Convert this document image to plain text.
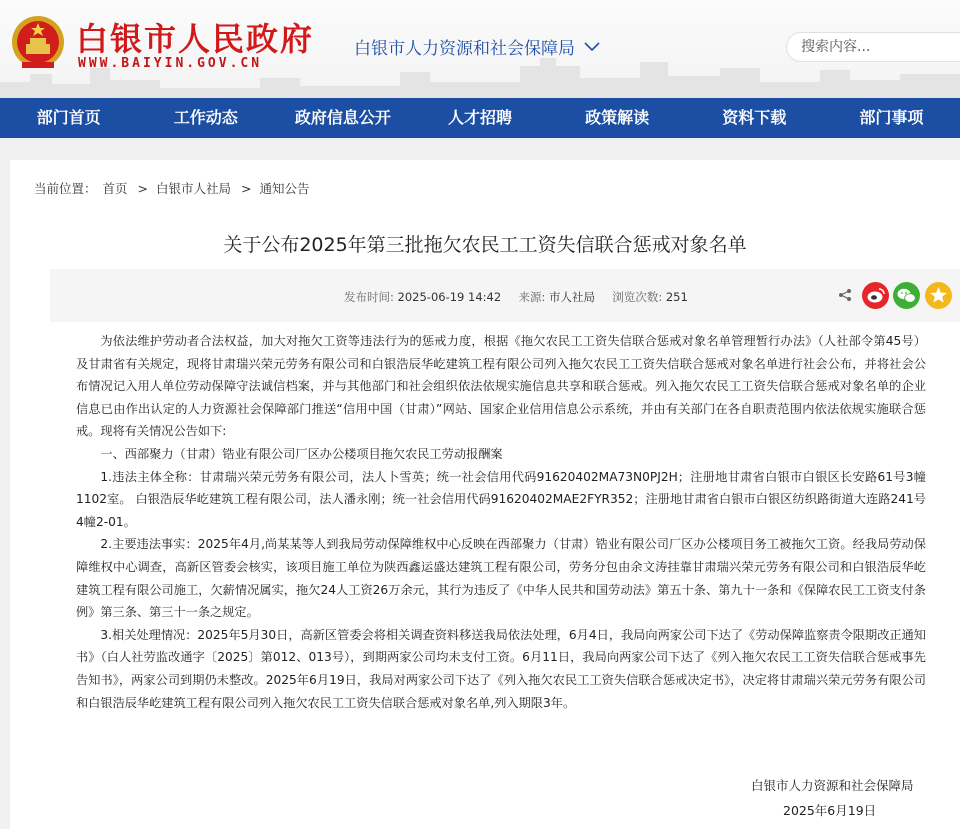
白银市人民政府
WWW.BAIYIN.GOV.CN
白银市人力资源和社会保障局
搜索内容...
部门首页	工作动态	政府信息公开	人才招聘	政策解读	资料下载	部门事项
当前位置： 首页 > 白银市人社局 > 通知公告
关于公布2025年第三批拖欠农民工工资失信联合惩戒对象名单
发布时间: 2025-06-19 14:42 来源: 市人社局 浏览次数: 251

为依法维护劳动者合法权益，加大对拖欠工资等违法行为的惩戒力度，根据《拖欠农民工工资失信联合惩戒对象名单管理暂行办法》（人社部令第45号）及甘肃省有关规定，现将甘肃瑞兴荣元劳务有限公司和白银浩辰华屹建筑工程有限公司列入拖欠农民工工资失信联合惩戒对象名单进行社会公布，并将社会公布情况记入用人单位劳动保障守法诚信档案，并与其他部门和社会组织依法依规实施信息共享和联合惩戒。列入拖欠农民工工资失信联合惩戒对象名单的企业信息已由作出认定的人力资源社会保障部门推送“信用中国（甘肃）”网站、国家企业信用信息公示系统，并由有关部门在各自职责范围内依法依规实施联合惩戒。现将有关情况公告如下:

一、西部聚力（甘肃）锆业有限公司厂区办公楼项目拖欠农民工劳动报酬案

1.违法主体全称：甘肃瑞兴荣元劳务有限公司，法人卜雪英；统一社会信用代码91620402MA73N0PJ2H；注册地甘肃省白银市白银区长安路61号3幢1102室。 白银浩辰华屹建筑工程有限公司，法人潘永刚；统一社会信用代码91620402MAE2FYR352；注册地甘肃省白银市白银区纺织路街道大连路241号4幢2-01。

2.主要违法事实：2025年4月,尚某某等人到我局劳动保障维权中心反映在西部聚力（甘肃）锆业有限公司厂区办公楼项目务工被拖欠工资。经我局劳动保障维权中心调查，高新区管委会核实，该项目施工单位为陕西鑫运盛达建筑工程有限公司，劳务分包由余文涛挂靠甘肃瑞兴荣元劳务有限公司和白银浩辰华屹建筑工程有限公司施工，欠薪情况属实，拖欠24人工资26万余元，其行为违反了《中华人民共和国劳动法》第五十条、第九十一条和《保障农民工工资支付条例》第三条、第三十一条之规定。

3.相关处理情况：2025年5月30日，高新区管委会将相关调查资料移送我局依法处理，6月4日，我局向两家公司下达了《劳动保障监察责令限期改正通知书》（白人社劳监改通字〔2025〕第012、013号），到期两家公司均未支付工资。6月11日，我局向两家公司下达了《列入拖欠农民工工资失信联合惩戒事先告知书》，两家公司到期仍未整改。2025年6月19日，我局对两家公司下达了《列入拖欠农民工工资失信联合惩戒决定书》，决定将甘肃瑞兴荣元劳务有限公司和白银浩辰华屹建筑工程有限公司列入拖欠农民工工资失信联合惩戒对象名单,列入期限3年。

白银市人力资源和社会保障局
2025年6月19日
